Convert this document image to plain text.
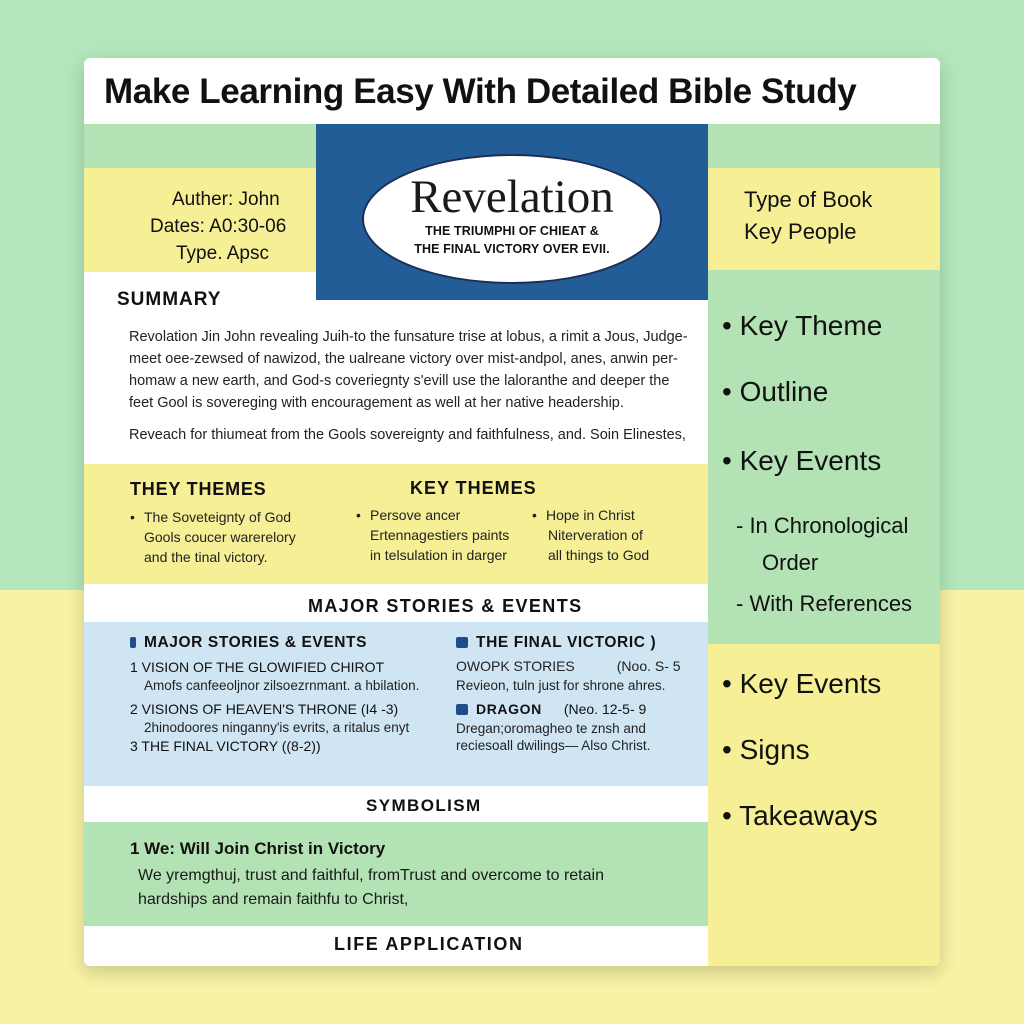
Make Learning Easy With Detailed Bible Study
Auther: John
Dates: A0:30-06
Type. Apsc
Revelation
THE TRIUMPHI OF CHIEAT &
THE FINAL VICTORY OVER EVII.
Type of Book
Key People
• Key Theme
• Outline
• Key Events
- In Chronological
Order
- With References
• Key Events
• Signs
• Takeaways
SUMMARY
Revolation Jin John revealing Juih-to the funsature trise at lobus, a rimit a Jous, Judge-
meet oee-zewsed of nawizod, the ualreane victory over mist-andpol, anes, anwin per-
homaw a new earth, and God-s coveriegnty s'evill use the laloranthe and deeper the
feet Gool is sovereging with encouragement as well at her native headership.
Reveach for thiumeat from the Gools sovereignty and faithfulness, and. Soin Elinestes,
THEY THEMES	KEY THEMES
• The Soveteignty of God
Gools coucer warerelory
and the tinal victory.
• Persove ancer
Ertennagestiers paints
in telsulation in darger
• Hope in Christ
Niterveration of
all things to God
MAJOR STORIES & EVENTS
MAJOR STORIES & EVENTS
1 VISION OF THE GLOWIFIED CHIROT
Amofs canfeeoljnor zilsoezrnmant. a hbilation.
2 VISIONS OF HEAVEN'S THRONE (I4 -3)
2hinodoores ninganny'is evrits, a ritalus enyt
3 THE FINAL VICTORY ((8-2))
THE FINAL VICTORIC )
OWOPK STORIES	(Noo. S- 5
Revieon, tuln just for shrone ahres.
DRAGON (Neo. 12-5- 9
Dregan;oromagheo te znsh and
reciesoall dwilings— Also Christ.
SYMBOLISM
1 We: Will Join Christ in Victory
We yremgthuj, trust and faithful, fromTrust and overcome to retain
hardships and remain faithfu to Christ,
LIFE APPLICATION
